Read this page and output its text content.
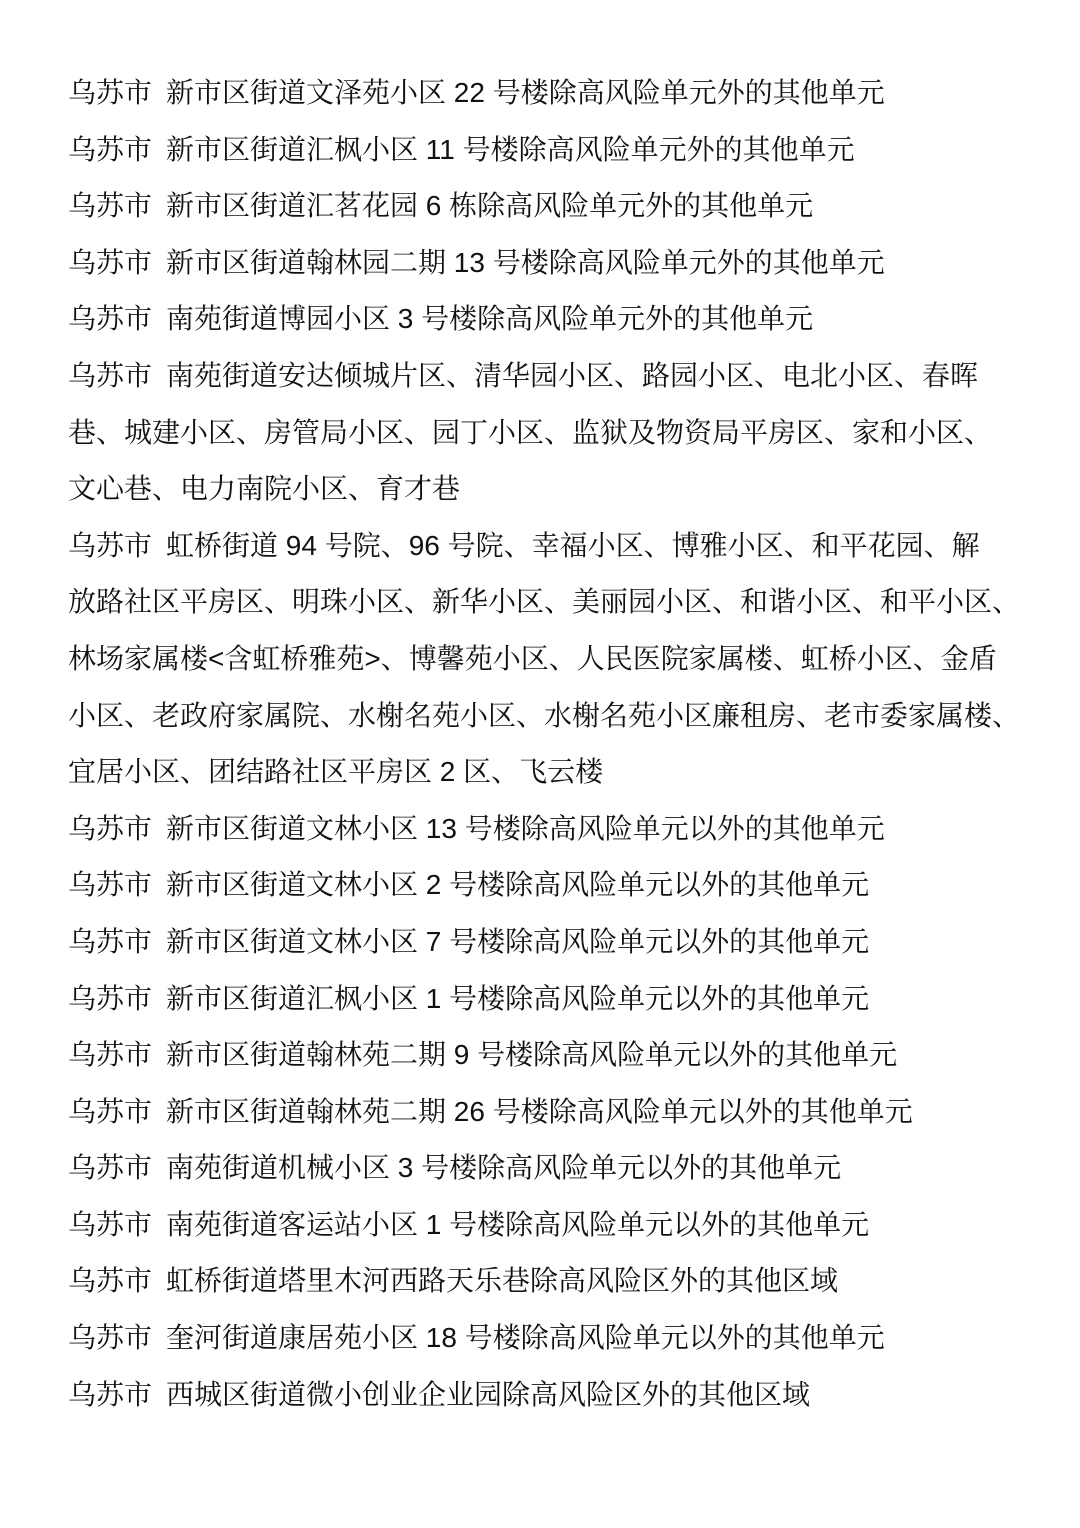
乌苏市 新市区街道文泽苑小区 22 号楼除高风险单元外的其他单元
乌苏市 新市区街道汇枫小区 11 号楼除高风险单元外的其他单元
乌苏市 新市区街道汇茗花园 6 栋除高风险单元外的其他单元
乌苏市 新市区街道翰林园二期 13 号楼除高风险单元外的其他单元
乌苏市 南苑街道博园小区 3 号楼除高风险单元外的其他单元
乌苏市 南苑街道安达倾城片区、清华园小区、路园小区、电北小区、春晖
巷、城建小区、房管局小区、园丁小区、监狱及物资局平房区、家和小区、
文心巷、电力南院小区、育才巷
乌苏市 虹桥街道 94 号院、96 号院、幸福小区、博雅小区、和平花园、解
放路社区平房区、明珠小区、新华小区、美丽园小区、和谐小区、和平小区、
林场家属楼<含虹桥雅苑>、博馨苑小区、人民医院家属楼、虹桥小区、金盾
小区、老政府家属院、水榭名苑小区、水榭名苑小区廉租房、老市委家属楼、
宜居小区、团结路社区平房区 2 区、飞云楼
乌苏市 新市区街道文林小区 13 号楼除高风险单元以外的其他单元
乌苏市 新市区街道文林小区 2 号楼除高风险单元以外的其他单元
乌苏市 新市区街道文林小区 7 号楼除高风险单元以外的其他单元
乌苏市 新市区街道汇枫小区 1 号楼除高风险单元以外的其他单元
乌苏市 新市区街道翰林苑二期 9 号楼除高风险单元以外的其他单元
乌苏市 新市区街道翰林苑二期 26 号楼除高风险单元以外的其他单元
乌苏市 南苑街道机械小区 3 号楼除高风险单元以外的其他单元
乌苏市 南苑街道客运站小区 1 号楼除高风险单元以外的其他单元
乌苏市 虹桥街道塔里木河西路天乐巷除高风险区外的其他区域
乌苏市 奎河街道康居苑小区 18 号楼除高风险单元以外的其他单元
乌苏市 西城区街道微小创业企业园除高风险区外的其他区域
